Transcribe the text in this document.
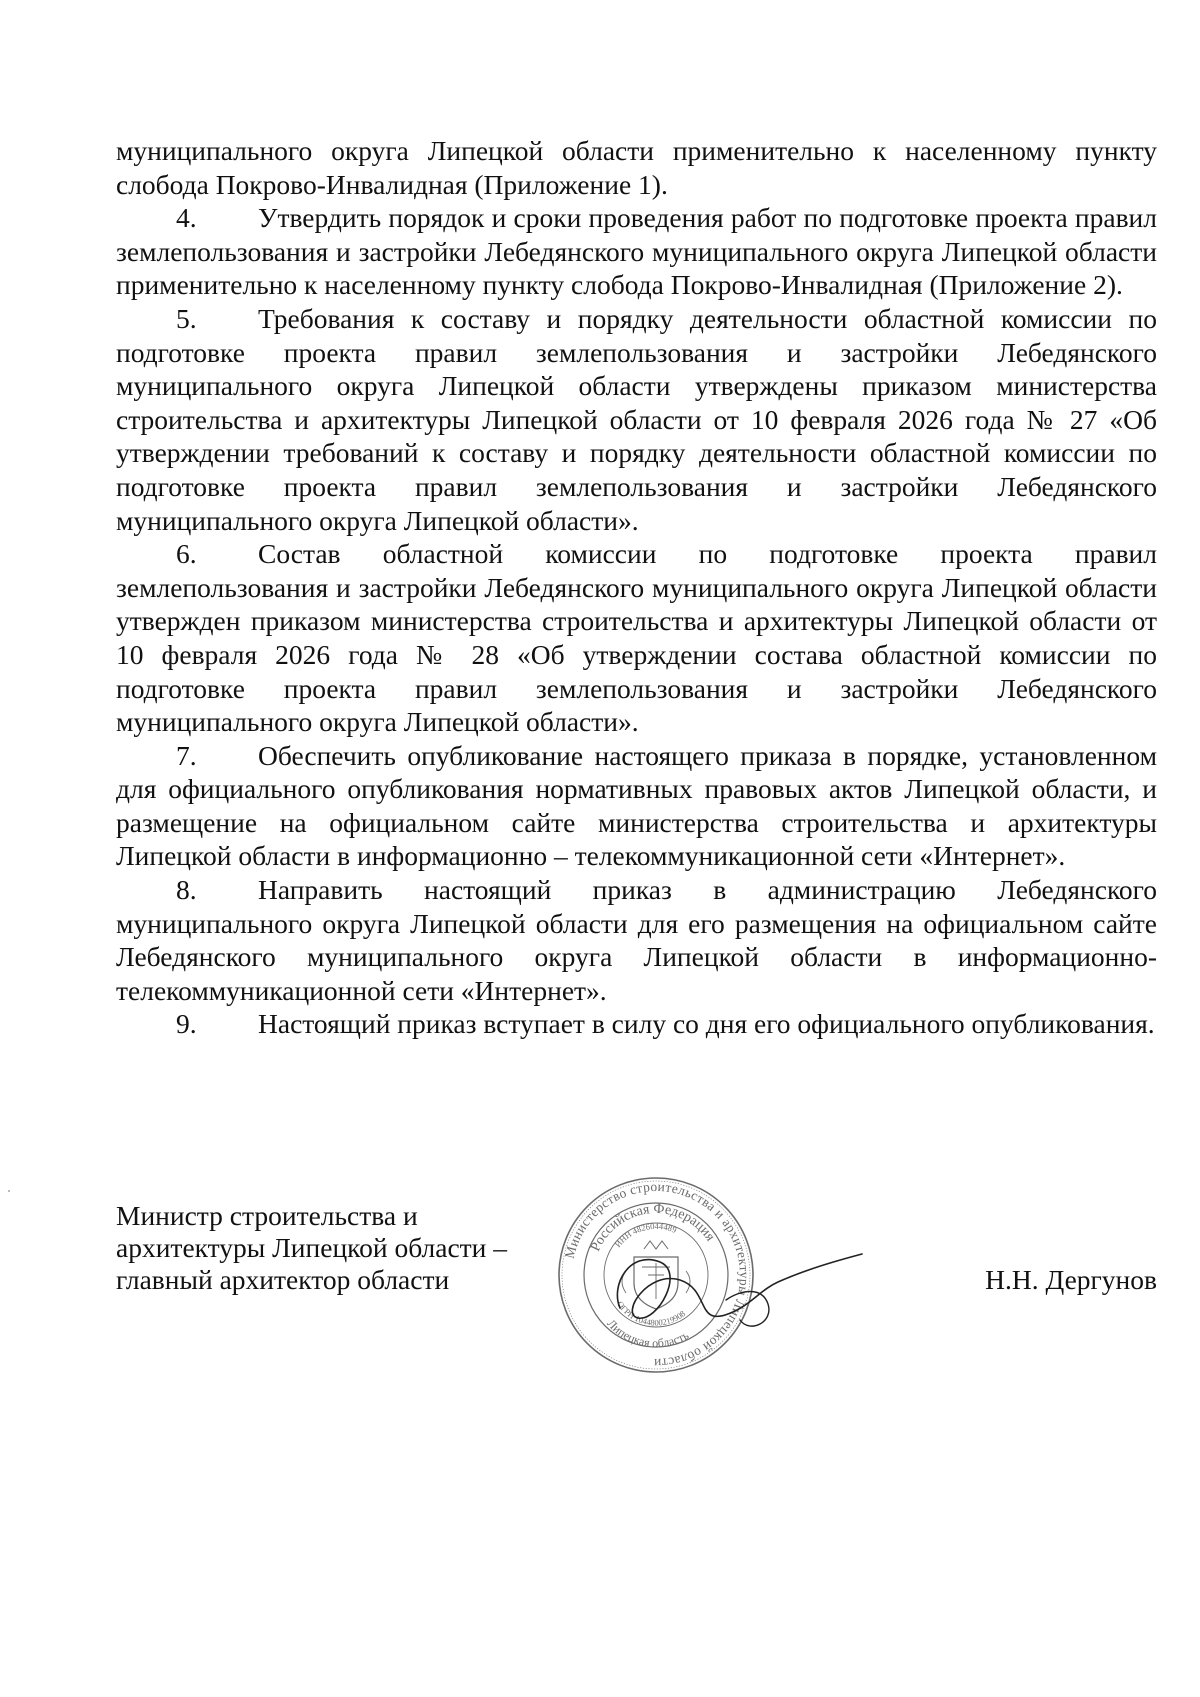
муниципального округа Липецкой области применительно к населенному пункту

слобода Покрово-Инвалидная (Приложение 1).

4. Утвердить порядок и сроки проведения работ по подготовке проекта правил землепользования и застройки Лебедянского муниципального округа Липецкой области применительно к населенному пункту слобода Покрово-Инвалидная (Приложение 2).

5. Требования к составу и порядку деятельности областной комиссии по подготовке проекта правил землепользования и застройки Лебедянского муниципального округа Липецкой области утверждены приказом министерства строительства и архитектуры Липецкой области от 10 февраля 2026 года № 27 «Об утверждении требований к составу и порядку деятельности областной комиссии по подготовке проекта правил землепользования и застройки Лебедянского муниципального округа Липецкой области».

6. Состав областной комиссии по подготовке проекта правил землепользования и застройки Лебедянского муниципального округа Липецкой области утвержден приказом министерства строительства и архитектуры Липецкой области от 10 февраля 2026 года № 28 «Об утверждении состава областной комиссии по подготовке проекта правил землепользования и застройки Лебедянского муниципального округа Липецкой области».

7. Обеспечить опубликование настоящего приказа в порядке, установленном для официального опубликования нормативных правовых актов Липецкой области, и размещение на официальном сайте министерства строительства и архитектуры Липецкой области в информационно – телекоммуникационной сети «Интернет».

8. Направить настоящий приказ в администрацию Лебедянского муниципального округа Липецкой области для его размещения на официальном сайте Лебедянского муниципального округа Липецкой области в информационно-телекоммуникационной сети «Интернет».

9. Настоящий приказ вступает в силу со дня его официального опубликования.

Министр строительства и
архитектуры Липецкой области –
главный архитектор области	Н.Н. Дергунов
Министерство строительства и архитектуры Липецкой области
Российская Федерация
ИНН 4826044489
ОГРН 1044800219908
Липецкая область
